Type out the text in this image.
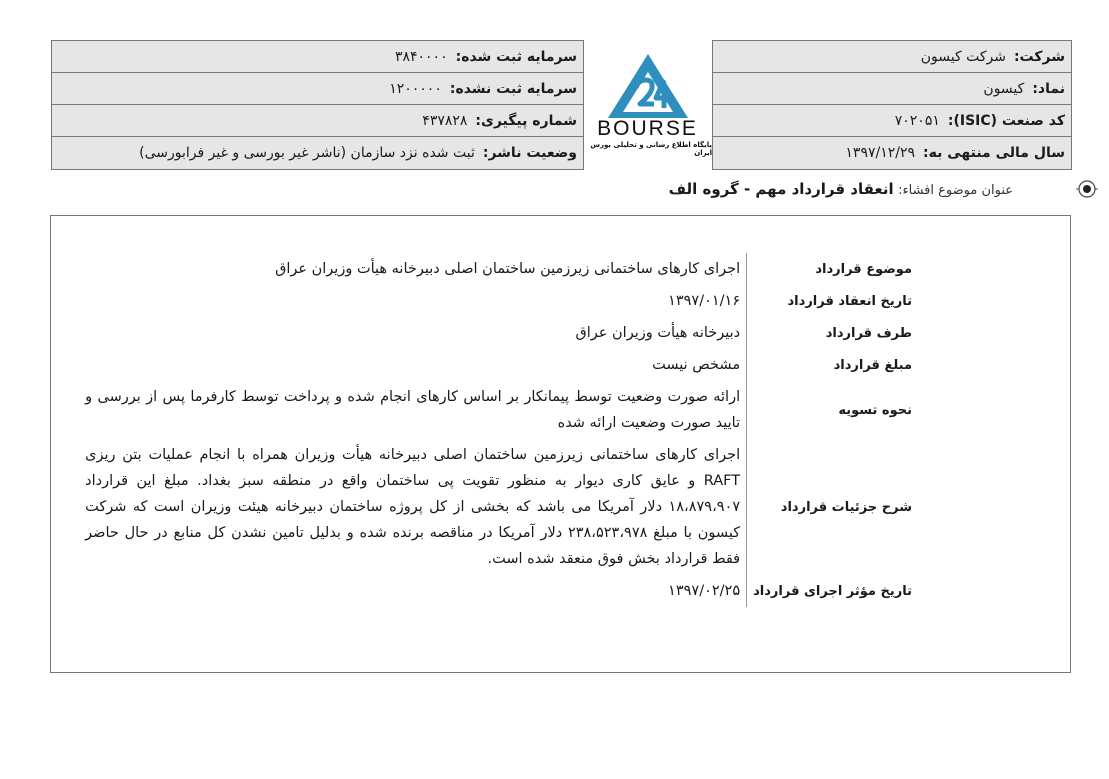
شرکت:
شرکت کیسون
نماد:
کیسون
کد صنعت (ISIC):
۷۰۲۰۵۱
سال مالی منتهی به:
۱۳۹۷/۱۲/۲۹
BOURSE
پایگاه اطلاع رسانی و تحلیلی بورس ایران
سرمایه ثبت شده:
۳۸۴۰۰۰۰
سرمایه ثبت نشده:
۱۲۰۰۰۰۰
شماره پیگیری:
۴۳۷۸۲۸
وضعیت ناشر:
ثبت شده نزد سازمان (ناشر غیر بورسی و غیر فرابورسی)
عنوان موضوع افشاء: انعقاد قرارداد مهم - گروه الف
موضوع قرارداد	اجرای کارهای ساختمانی زیرزمین ساختمان اصلی دبیرخانه هیأت وزیران عراق
تاریخ انعقاد قرارداد	۱۳۹۷/۰۱/۱۶
طرف قرارداد	دبیرخانه هیأت وزیران عراق
مبلغ قرارداد	مشخص نیست
نحوه تسویه	ارائه صورت وضعیت توسط پیمانکار بر اساس کارهای انجام شده و پرداخت توسط کارفرما پس از بررسی و تایید صورت وضعیت ارائه شده
شرح جزئیات قرارداد	اجرای کارهای ساختمانی زیرزمین ساختمان اصلی دبیرخانه هیأت وزیران همراه با انجام عملیات بتن ریزی RAFT و عایق کاری دیوار به منظور تقویت پی ساختمان واقع در منطقه سبز بغداد. مبلغ این قرارداد ۱۸،۸۷۹،۹۰۷ دلار آمریکا می باشد که بخشی از کل پروژه ساختمان دبیرخانه هیئت وزیران است که شرکت کیسون با مبلغ ۲۳۸،۵۲۳،۹۷۸ دلار آمریکا در مناقصه برنده شده و بدلیل تامین نشدن کل منابع در حال حاضر فقط قرارداد بخش فوق منعقد شده است.
تاریخ مؤثر اجرای قرارداد	۱۳۹۷/۰۲/۲۵
